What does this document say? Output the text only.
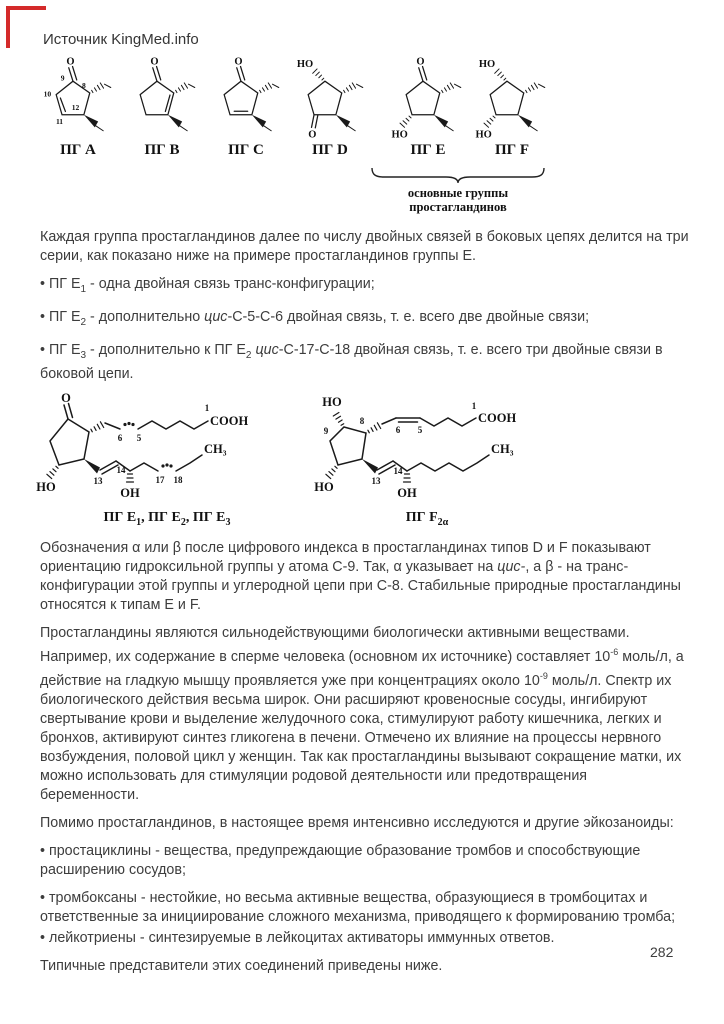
Источник KingMed.info
O
9
8
10
11
12
ПГ A
O
ПГ B
O
ПГ C
HO
O
ПГ D
O
HO
ПГ E
HO
HO
ПГ F
основные группы
простагландинов

Каждая группа простагландинов далее по числу двойных связей в боковых цепях делится на три серии, как показано ниже на примере простагландинов группы Е.

• ПГ $Е_1$ - одна двойная связь транс-конфигурации;

• ПГ $Е_2$ - дополнительно цис-С-5-С-6 двойная связь, т. е. всего две двойные связи;

• ПГ $Е_3$ - дополнительно к ПГ $Е_2$ цис-С-17-С-18 двойная связь, т. е. всего три двойные связи в боковой цепи.

O
HO	OH
COOH
CH₃
1
6 5
13
14
17 18
ПГ $Е_1$, ПГ $Е_2$, ПГ $Е_3$
HO
HO	OH
COOH
CH₃
1
9
8
6 5
13
14
ПГ $F_{2\alpha}$

Обозначения α или β после цифрового индекса в простагландинах типов D и F показывают ориентацию гидроксильной группы у атома С-9. Так, α указывает на цис-, а β - на транс-конфигурации этой группы и углеродной цепи при С-8. Стабильные природные простагландины относятся к типам Е и F.

Простагландины являются сильнодействующими биологически активными веществами. Например, их содержание в сперме человека (основном их источнике) составляет $10^{-6}$ моль/л, а действие на гладкую мышцу проявляется уже при концентрациях около $10^{-9}$ моль/л. Спектр их биологического действия весьма широк. Они расширяют кровеносные сосуды, ингибируют свертывание крови и выделение желудочного сока, стимулируют работу кишечника, легких и бронхов, активируют синтез гликогена в печени. Отмечено их влияние на процессы нервного возбуждения, половой цикл у женщин. Так как простагландины вызывают сокращение матки, их можно использовать для стимуляции родовой деятельности или предотвращения беременности.

Помимо простагландинов, в настоящее время интенсивно исследуются и другие эйкозаноиды:

• простациклины - вещества, предупреждающие образование тромбов и способствующие расширению сосудов;

• тромбоксаны - нестойкие, но весьма активные вещества, образующиеся в тромбоцитах и ответственные за инициирование сложного механизма, приводящего к формированию тромба;

• лейкотриены - синтезируемые в лейкоцитах активаторы иммунных ответов.

Типичные представители этих соединений приведены ниже.

282
